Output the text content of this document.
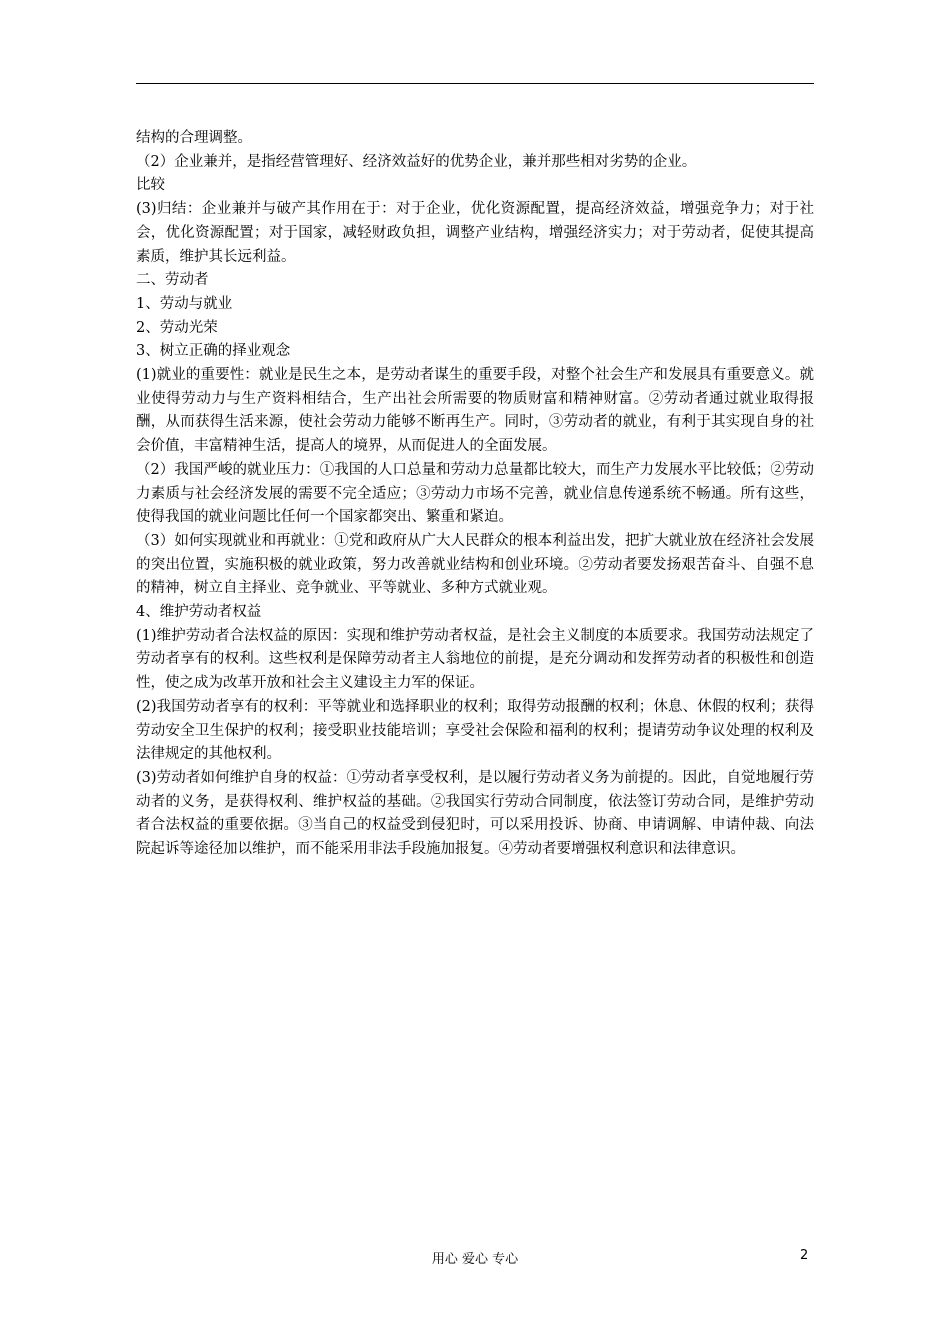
结构的合理调整。

（2）企业兼并，是指经营管理好、经济效益好的优势企业，兼并那些相对劣势的企业。

比较

(3)归结：企业兼并与破产其作用在于：对于企业，优化资源配置，提高经济效益，增强竞争力；对于社会，优化资源配置；对于国家，减轻财政负担，调整产业结构，增强经济实力；对于劳动者，促使其提高素质，维护其长远利益。

二、劳动者

1、劳动与就业

2、劳动光荣

3、树立正确的择业观念

(1)就业的重要性：就业是民生之本，是劳动者谋生的重要手段，对整个社会生产和发展具有重要意义。就业使得劳动力与生产资料相结合，生产出社会所需要的物质财富和精神财富。②劳动者通过就业取得报酬，从而获得生活来源，使社会劳动力能够不断再生产。同时，③劳动者的就业，有利于其实现自身的社会价值，丰富精神生活，提高人的境界，从而促进人的全面发展。

（2）我国严峻的就业压力：①我国的人口总量和劳动力总量都比较大，而生产力发展水平比较低；②劳动力素质与社会经济发展的需要不完全适应；③劳动力市场不完善，就业信息传递系统不畅通。所有这些，使得我国的就业问题比任何一个国家都突出、繁重和紧迫。

（3）如何实现就业和再就业：①党和政府从广大人民群众的根本利益出发，把扩大就业放在经济社会发展的突出位置，实施积极的就业政策，努力改善就业结构和创业环境。②劳动者要发扬艰苦奋斗、自强不息的精神，树立自主择业、竞争就业、平等就业、多种方式就业观。

4、维护劳动者权益

(1)维护劳动者合法权益的原因：实现和维护劳动者权益，是社会主义制度的本质要求。我国劳动法规定了劳动者享有的权利。这些权利是保障劳动者主人翁地位的前提，是充分调动和发挥劳动者的积极性和创造性，使之成为改革开放和社会主义建设主力军的保证。

(2)我国劳动者享有的权利：平等就业和选择职业的权利；取得劳动报酬的权利；休息、休假的权利；获得劳动安全卫生保护的权利；接受职业技能培训；享受社会保险和福利的权利；提请劳动争议处理的权利及法律规定的其他权利。

(3)劳动者如何维护自身的权益：①劳动者享受权利，是以履行劳动者义务为前提的。因此，自觉地履行劳动者的义务，是获得权利、维护权益的基础。②我国实行劳动合同制度，依法签订劳动合同，是维护劳动者合法权益的重要依据。③当自己的权益受到侵犯时，可以采用投诉、协商、申请调解、申请仲裁、向法院起诉等途径加以维护，而不能采用非法手段施加报复。④劳动者要增强权利意识和法律意识。

用心 爱心 专心	2
